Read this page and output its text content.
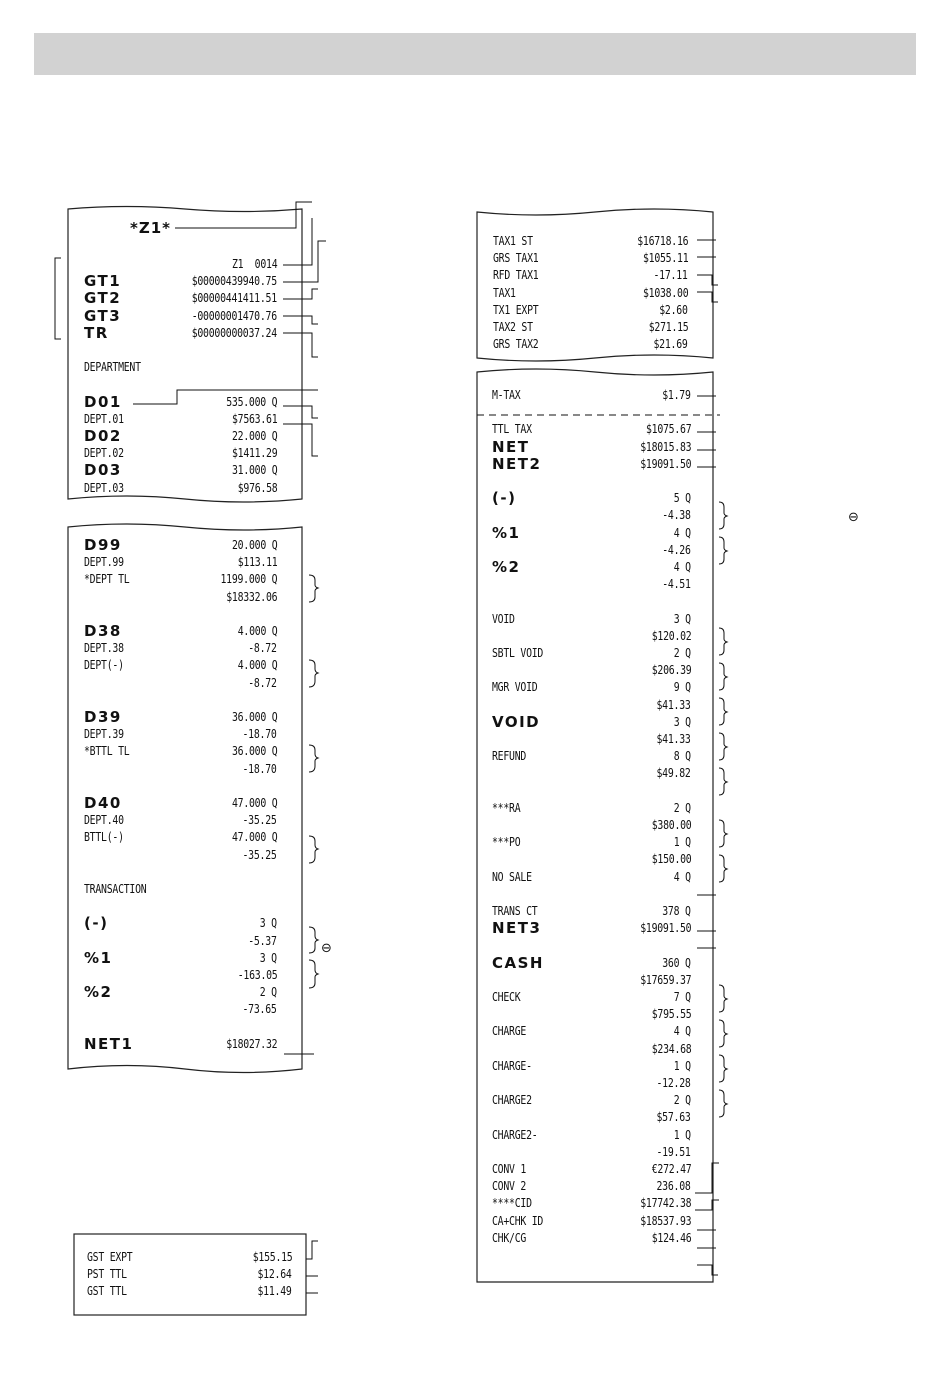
*Z1*
Z1  0014
GT1	$00000439940.75
GT2	$00000441411.51
GT3	-00000001470.76
TR	$00000000037.24
DEPARTMENT
D01	535.000 Q
DEPT.01	$7563.61
D02	22.000 Q
DEPT.02	$1411.29
D03	31.000 Q
DEPT.03	$976.58
D99	20.000 Q
DEPT.99	$113.11
*DEPT TL	1199.000 Q
$18332.06
D38	4.000 Q
DEPT.38	-8.72
DEPT(-)	4.000 Q
-8.72
D39	36.000 Q
DEPT.39	-18.70
*BTTL TL	36.000 Q
-18.70
D40	47.000 Q
DEPT.40	-35.25
BTTL(-)	47.000 Q
-35.25
TRANSACTION
(-)	3 Q
-5.37
%1	3 Q
-163.05
%2	2 Q
-73.65
NET1	$18027.32
GST EXPT	$155.15
PST TTL	$12.64
GST TTL	$11.49
TAX1 ST	$16718.16
GRS TAX1	$1055.11
RFD TAX1	-17.11
TAX1	$1038.00
TX1 EXPT	$2.60
TAX2 ST	$271.15
GRS TAX2	$21.69
M-TAX	$1.79
TTL TAX	$1075.67
NET	$18015.83
NET2	$19091.50
(-)	5 Q
-4.38
%1	4 Q
-4.26
%2	4 Q
-4.51
VOID	3 Q
$120.02
SBTL VOID	2 Q
$206.39
MGR VOID	9 Q
$41.33
VOID	3 Q
$41.33
REFUND	8 Q
$49.82
***RA	2 Q
$380.00
***PO	1 Q
$150.00
NO SALE	4 Q
TRANS CT	378 Q
NET3	$19091.50
CASH	360 Q
$17659.37
CHECK	7 Q
$795.55
CHARGE	4 Q
$234.68
CHARGE-	1 Q
-12.28
CHARGE2	2 Q
$57.63
CHARGE2-	1 Q
-19.51
CONV 1	€272.47
CONV 2	236.08
****CID	$17742.38
CA+CHK ID	$18537.93
CHK/CG	$124.46
⊖
⊖
